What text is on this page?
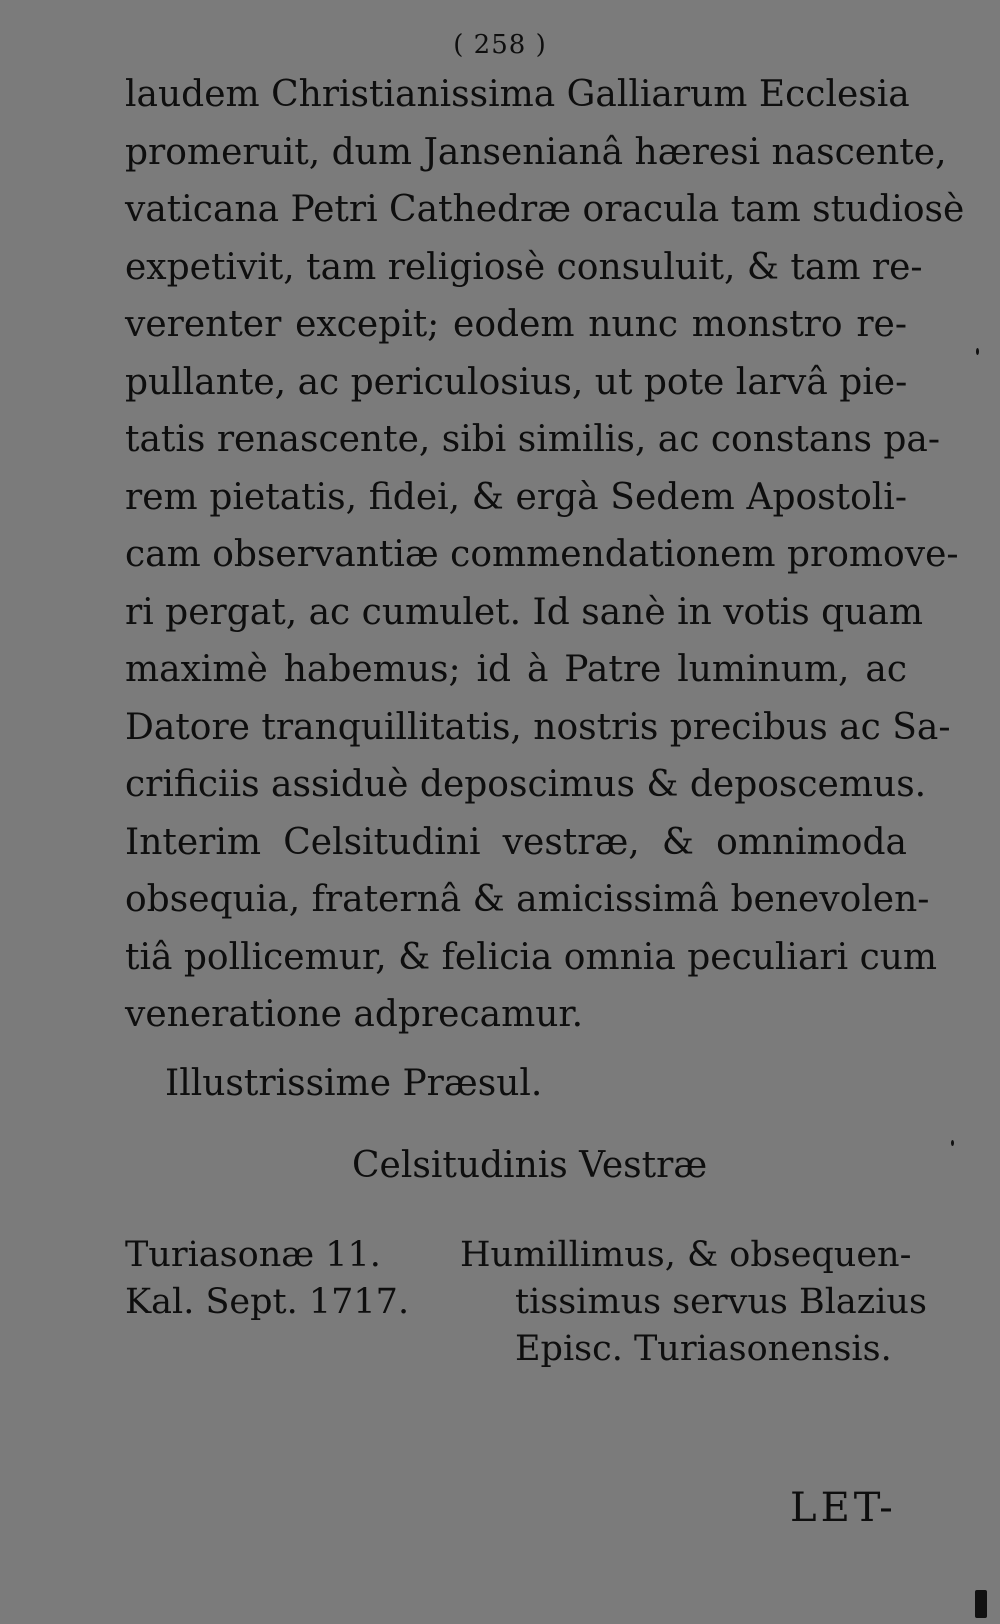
( 258 )
laudem Christianissima Galliarum Ecclesia
promeruit, dum Jansenianâ hæresi nascente,
vaticana Petri Cathedræ oracula tam studiosè
expetivit, tam religiosè consuluit, & tam re-
verenter excepit; eodem nunc monstro re-
pullante, ac periculosius, ut pote larvâ pie-
tatis renascente, sibi similis, ac constans pa-
rem pietatis, fidei, & ergà Sedem Apostoli-
cam observantiæ commendationem promove-
ri pergat, ac cumulet. Id sanè in votis quam
maximè habemus; id à Patre luminum, ac
Datore tranquillitatis, nostris precibus ac Sa-
crificiis assiduè deposcimus & deposcemus.
Interim Celsitudini vestræ, & omnimoda
obsequia, fraternâ & amicissimâ benevolen-
tiâ pollicemur, & felicia omnia peculiari cum
veneratione adprecamur.
Illustrissime Præsul.
Celsitudinis Vestræ
Turiasonæ 11.
Kal. Sept. 1717.
Humillimus, & obsequen-
tissimus servus Blazius
Episc. Turiasonensis.
LET-
